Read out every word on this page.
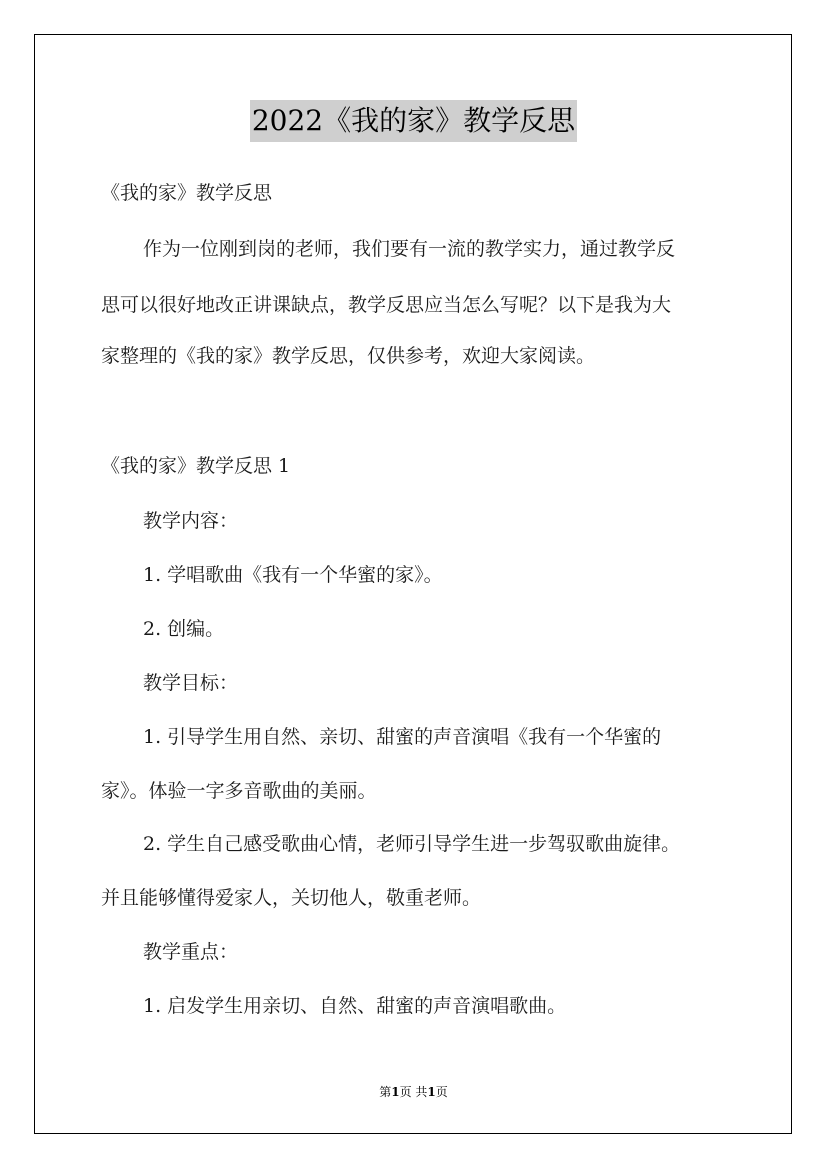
2022《我的家》教学反思
《我的家》教学反思
作为一位刚到岗的老师，我们要有一流的教学实力，通过教学反
思可以很好地改正讲课缺点，教学反思应当怎么写呢？以下是我为大
家整理的《我的家》教学反思，仅供参考，欢迎大家阅读。
《我的家》教学反思 1
教学内容：
1. 学唱歌曲《我有一个华蜜的家》。
2. 创编。
教学目标：
1. 引导学生用自然、亲切、甜蜜的声音演唱《我有一个华蜜的
家》。体验一字多音歌曲的美丽。
2. 学生自己感受歌曲心情，老师引导学生进一步驾驭歌曲旋律。
并且能够懂得爱家人，关切他人，敬重老师。
教学重点：
1. 启发学生用亲切、自然、甜蜜的声音演唱歌曲。
第1页 共1页
